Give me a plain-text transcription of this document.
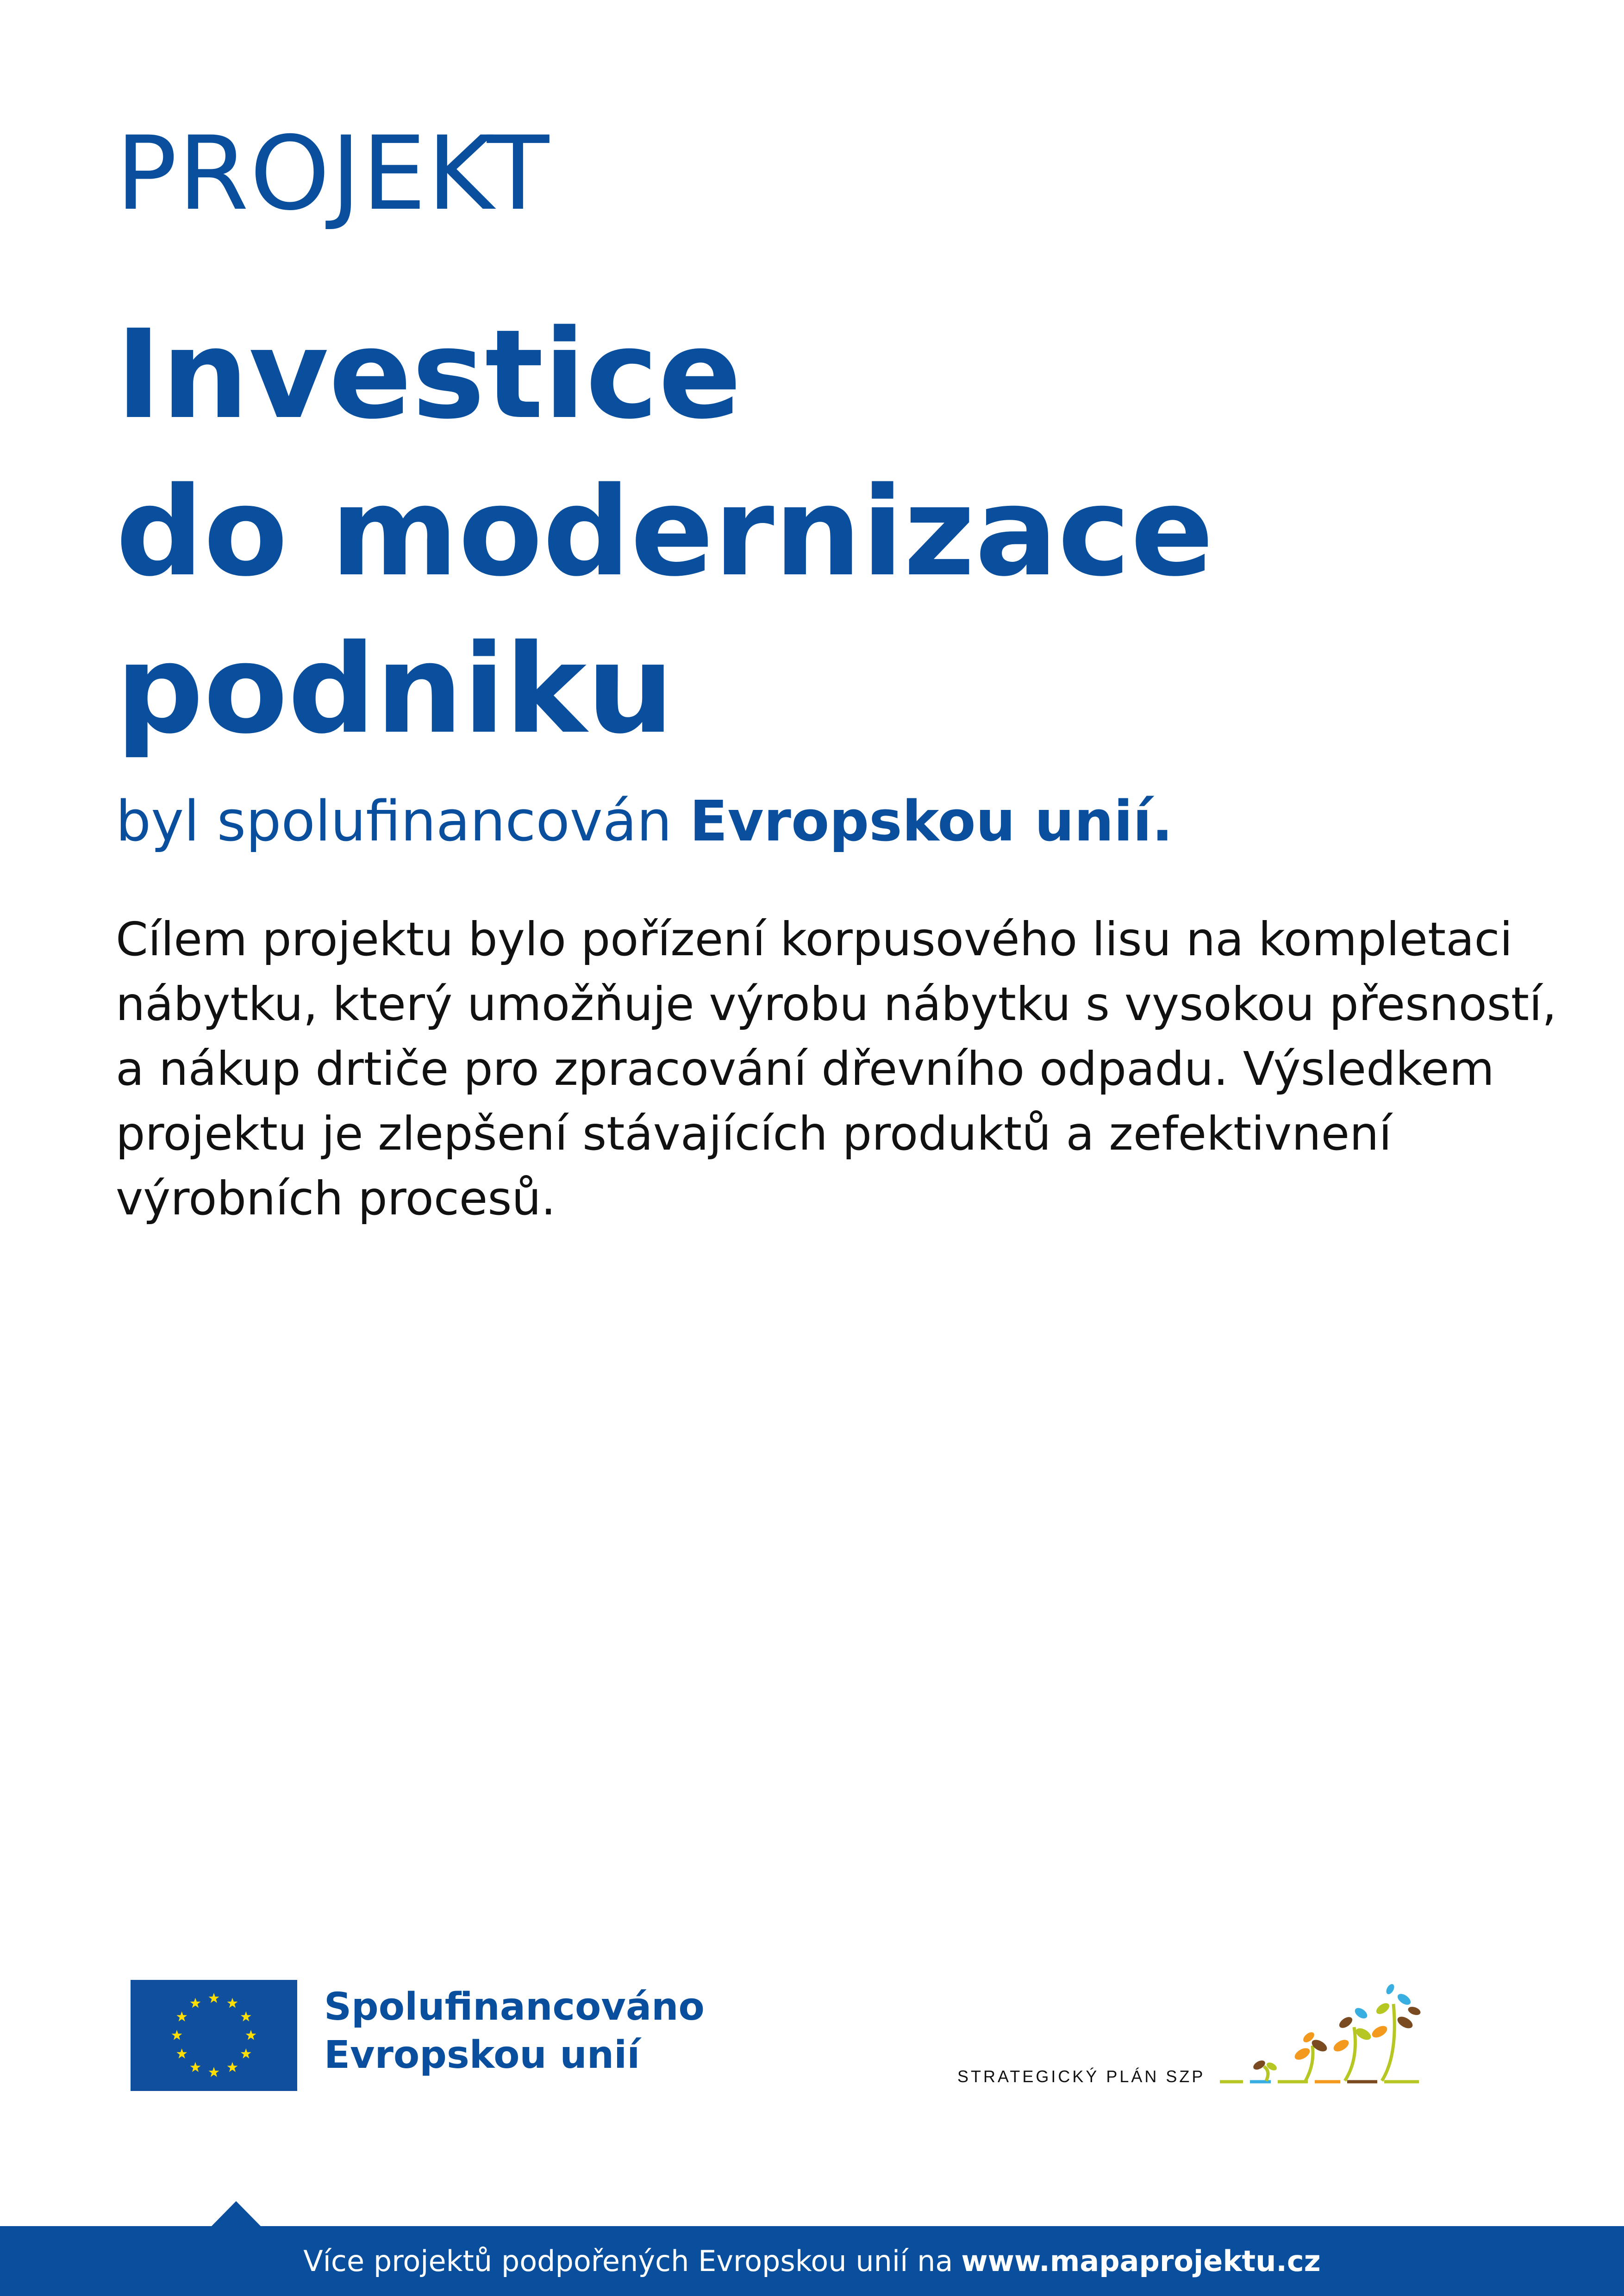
PROJEKT
Investice
do modernizace
podniku
byl spolufinancován Evropskou unií.
Cílem projektu bylo pořízení korpusového lisu na kompletaci
nábytku, který umožňuje výrobu nábytku s vysokou přesností,
a nákup drtiče pro zpracování dřevního odpadu. Výsledkem
projektu je zlepšení stávajících produktů a zefektivnení
výrobních procesů.
Spolufinancováno
Evropskou unií	STRATEGICKÝ PLÁN SZP
Více projektů podpořených Evropskou unií na www.mapaprojektu.cz
